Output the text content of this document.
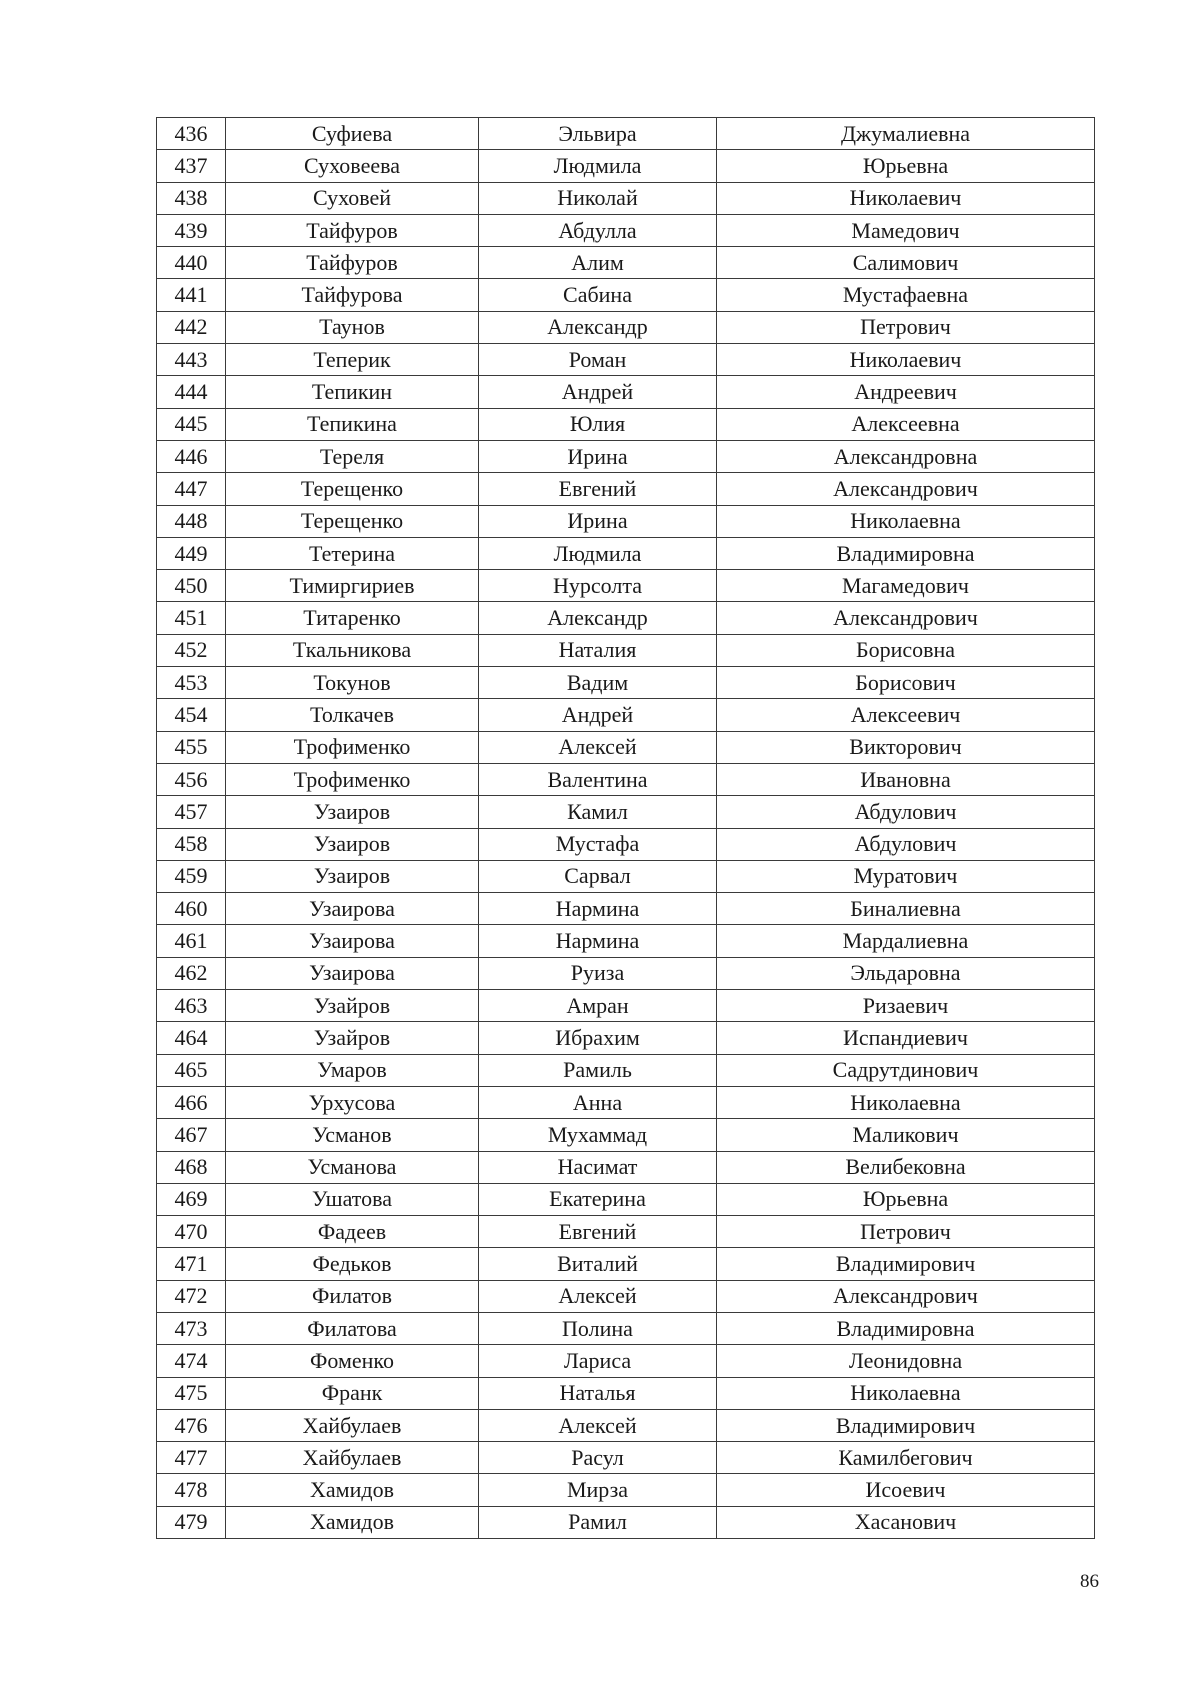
436	Суфиева	Эльвира	Джумалиевна
437	Суховеева	Людмила	Юрьевна
438	Суховей	Николай	Николаевич
439	Тайфуров	Абдулла	Мамедович
440	Тайфуров	Алим	Салимович
441	Тайфурова	Сабина	Мустафаевна
442	Таунов	Александр	Петрович
443	Теперик	Роман	Николаевич
444	Тепикин	Андрей	Андреевич
445	Тепикина	Юлия	Алексеевна
446	Тереля	Ирина	Александровна
447	Терещенко	Евгений	Александрович
448	Терещенко	Ирина	Николаевна
449	Тетерина	Людмила	Владимировна
450	Тимиргириев	Нурсолта	Магамедович
451	Титаренко	Александр	Александрович
452	Ткальникова	Наталия	Борисовна
453	Токунов	Вадим	Борисович
454	Толкачев	Андрей	Алексеевич
455	Трофименко	Алексей	Викторович
456	Трофименко	Валентина	Ивановна
457	Узаиров	Камил	Абдулович
458	Узаиров	Мустафа	Абдулович
459	Узаиров	Сарвал	Муратович
460	Узаирова	Нармина	Биналиевна
461	Узаирова	Нармина	Мардалиевна
462	Узаирова	Руиза	Эльдаровна
463	Узайров	Амран	Ризаевич
464	Узайров	Ибрахим	Испандиевич
465	Умаров	Рамиль	Садрутдинович
466	Урхусова	Анна	Николаевна
467	Усманов	Мухаммад	Маликович
468	Усманова	Насимат	Велибековна
469	Ушатова	Екатерина	Юрьевна
470	Фадеев	Евгений	Петрович
471	Федьков	Виталий	Владимирович
472	Филатов	Алексей	Александрович
473	Филатова	Полина	Владимировна
474	Фоменко	Лариса	Леонидовна
475	Франк	Наталья	Николаевна
476	Хайбулаев	Алексей	Владимирович
477	Хайбулаев	Расул	Камилбегович
478	Хамидов	Мирза	Исоевич
479	Хамидов	Рамил	Хасанович
86
